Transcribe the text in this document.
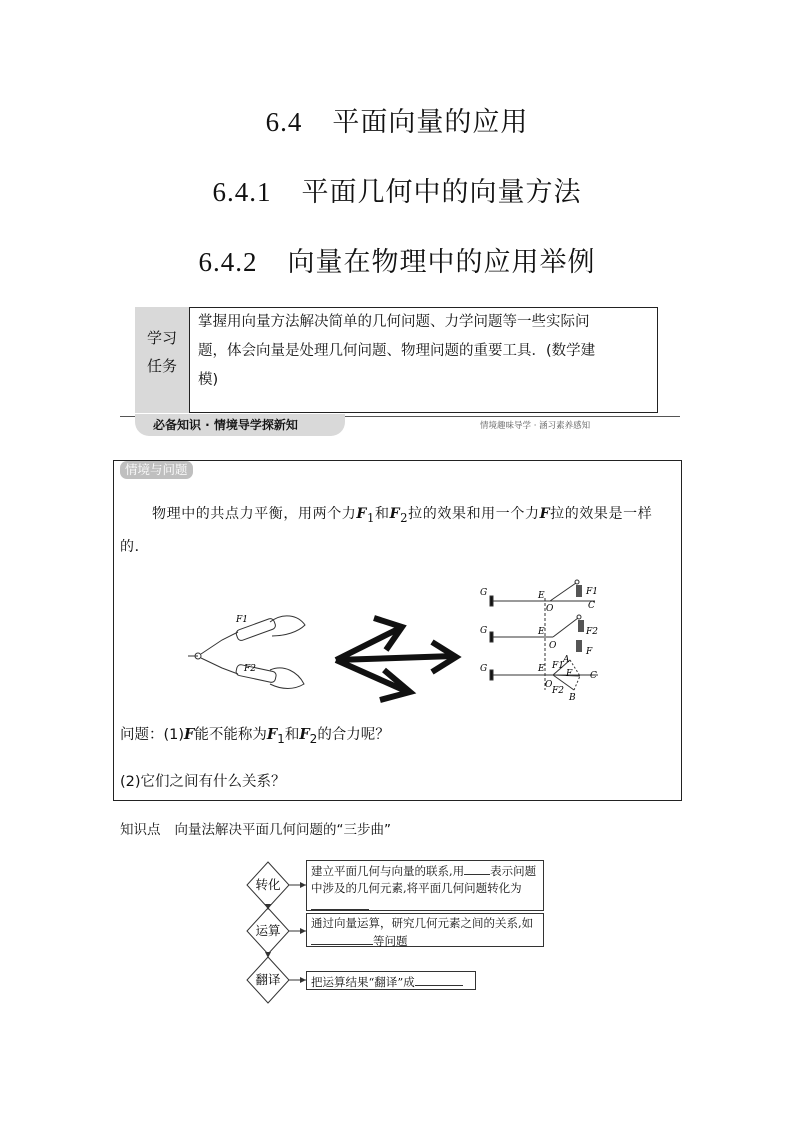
6.4 平面向量的应用
6.4.1 平面几何中的向量方法
6.4.2 向量在物理中的应用举例
学习
任务
掌握用向量方法解决简单的几何问题、力学问题等一些实际问
题，体会向量是处理几何问题、物理问题的重要工具．(数学建
模)
必备知识 · 情境导学探新知	情境趣味导学 · 涵习素养感知
情境与问题
物理中的共点力平衡，用两个力$F_1$和$F_2$拉的效果和用一个力F拉的效果是一样的．
F1
F2
G	E
O	C
F1
G	E
O
F2
F
G	E
O
C
A
B
F1
F2
F
问题：(1)F能不能称为$F_1$和$F_2$的合力呢？
(2)它们之间有什么关系？
知识点 向量法解决平面几何问题的“三步曲”
转化
运算
翻译
建立平面几何与向量的联系,用 表示问题
中涉及的几何元素,将平面几何问题转化为
通过向量运算，研究几何元素之间的关系,如
等问题
把运算结果“翻译”成
